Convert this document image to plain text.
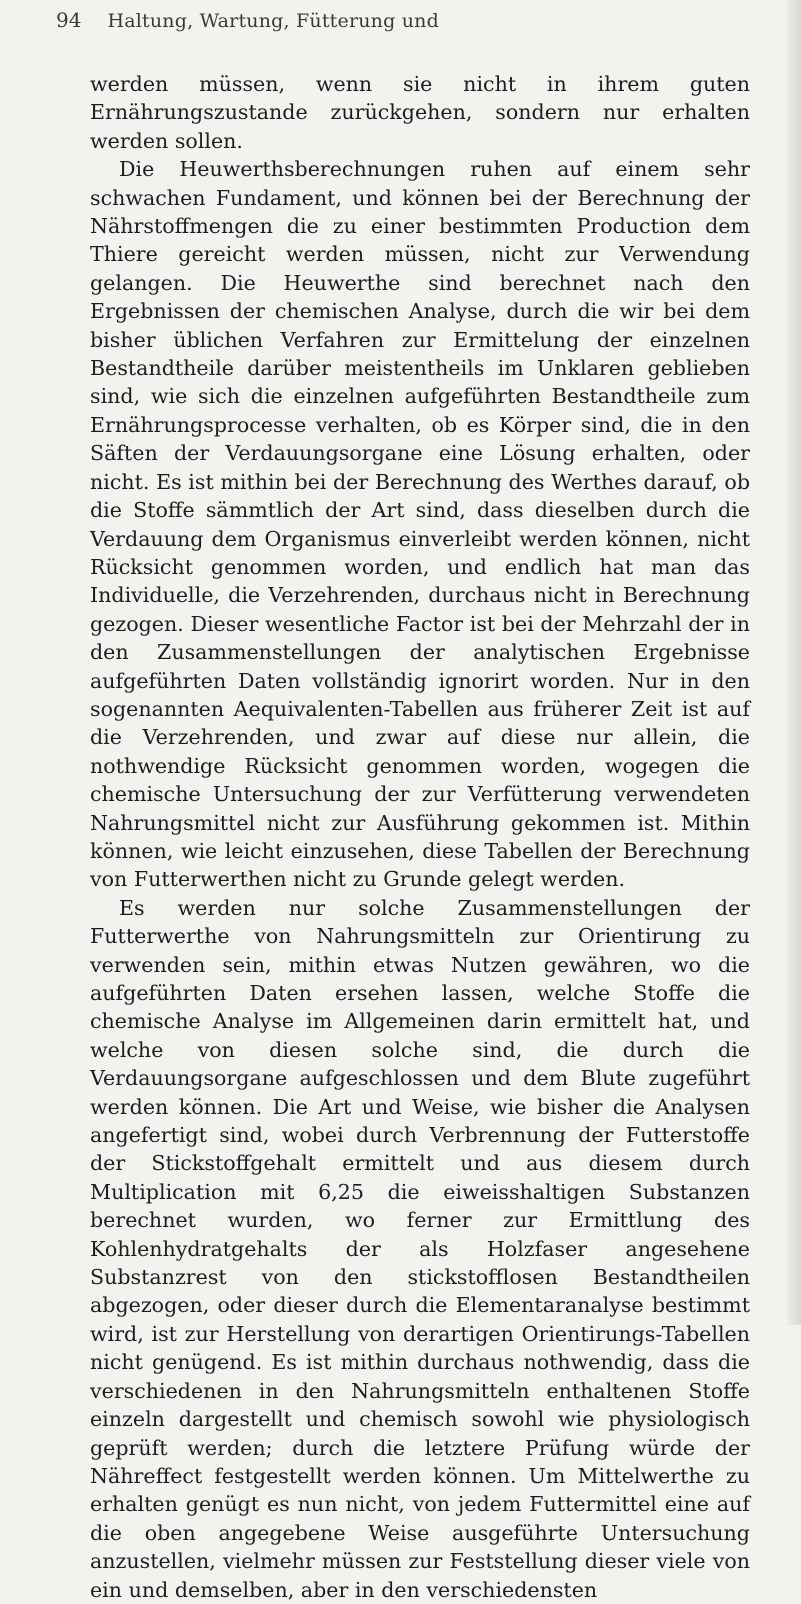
94 Haltung, Wartung, Fütterung und

werden müssen, wenn sie nicht in ihrem guten Ernährungszustande zurückgehen, sondern nur erhalten werden sollen.

Die Heuwerthsberechnungen ruhen auf einem sehr schwachen Fundament, und können bei der Berechnung der Nährstoffmengen die zu einer bestimmten Production dem Thiere gereicht werden müssen, nicht zur Verwendung gelangen. Die Heuwerthe sind berechnet nach den Ergebnissen der chemischen Analyse, durch die wir bei dem bisher üblichen Verfahren zur Ermittelung der einzelnen Bestandtheile darüber meistentheils im Unklaren geblieben sind, wie sich die einzelnen aufgeführten Bestandtheile zum Ernährungsprocesse verhalten, ob es Körper sind, die in den Säften der Verdauungsorgane eine Lösung erhalten, oder nicht. Es ist mithin bei der Berechnung des Werthes darauf, ob die Stoffe sämmtlich der Art sind, dass dieselben durch die Verdauung dem Organismus einverleibt werden können, nicht Rücksicht genommen worden, und endlich hat man das Individuelle, die Verzehrenden, durchaus nicht in Berechnung gezogen. Dieser wesentliche Factor ist bei der Mehrzahl der in den Zusammenstellungen der analytischen Ergebnisse aufgeführten Daten vollständig ignorirt worden. Nur in den sogenannten Aequivalenten-Tabellen aus früherer Zeit ist auf die Verzehrenden, und zwar auf diese nur allein, die nothwendige Rücksicht genommen worden, wogegen die chemische Untersuchung der zur Verfütterung verwendeten Nahrungsmittel nicht zur Ausführung gekommen ist. Mithin können, wie leicht einzusehen, diese Tabellen der Berechnung von Futterwerthen nicht zu Grunde gelegt werden.

Es werden nur solche Zusammenstellungen der Futterwerthe von Nahrungsmitteln zur Orientirung zu verwenden sein, mithin etwas Nutzen gewähren, wo die aufgeführten Daten ersehen lassen, welche Stoffe die chemische Analyse im Allgemeinen darin ermittelt hat, und welche von diesen solche sind, die durch die Verdauungsorgane aufgeschlossen und dem Blute zugeführt werden können. Die Art und Weise, wie bisher die Analysen angefertigt sind, wobei durch Verbrennung der Futterstoffe der Stickstoffgehalt ermittelt und aus diesem durch Multiplication mit 6,25 die eiweisshaltigen Substanzen berechnet wurden, wo ferner zur Ermittlung des Kohlenhydratgehalts der als Holzfaser angesehene Substanzrest von den stickstofflosen Bestandtheilen abgezogen, oder dieser durch die Elementaranalyse bestimmt wird, ist zur Herstellung von derartigen Orientirungs-Tabellen nicht genügend. Es ist mithin durchaus nothwendig, dass die verschiedenen in den Nahrungsmitteln enthaltenen Stoffe einzeln dargestellt und chemisch sowohl wie physiologisch geprüft werden; durch die letztere Prüfung würde der Nähreffect festgestellt werden können. Um Mittelwerthe zu erhalten genügt es nun nicht, von jedem Futtermittel eine auf die oben angegebene Weise ausgeführte Untersuchung anzustellen, vielmehr müssen zur Feststellung dieser viele von ein und demselben, aber in den verschiedensten
